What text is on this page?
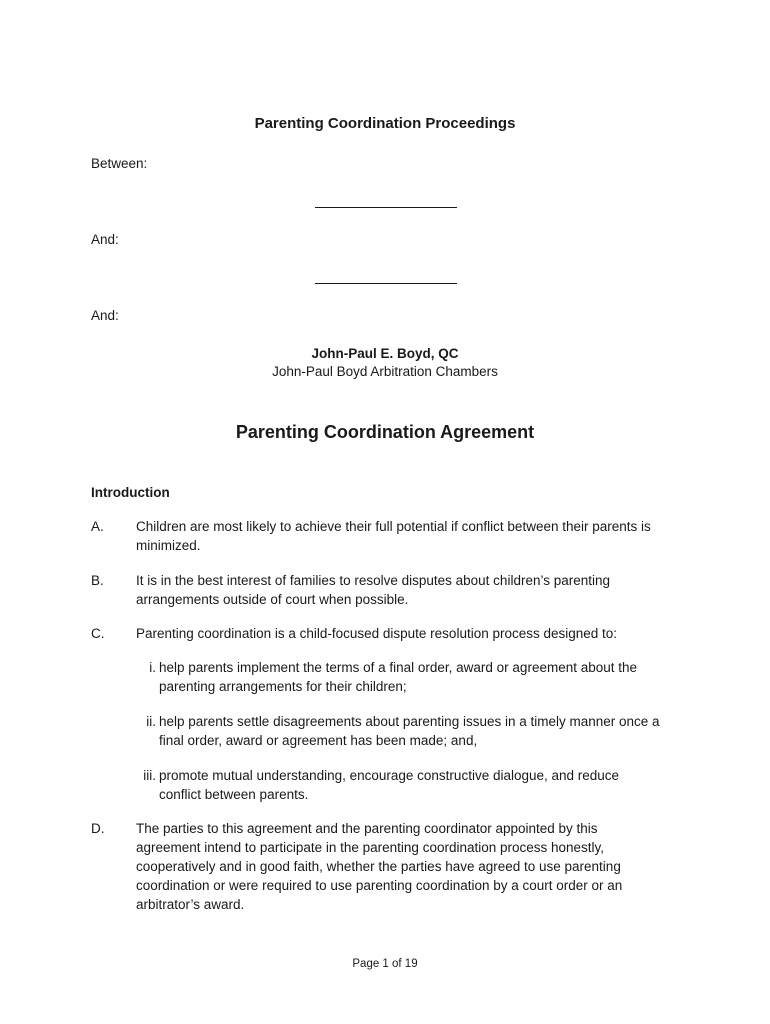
Parenting Coordination Proceedings
Between:
And:
And:
John-Paul E. Boyd, QC
John-Paul Boyd Arbitration Chambers
Parenting Coordination Agreement
Introduction
A. Children are most likely to achieve their full potential if conflict between their parents is minimized.
B. It is in the best interest of families to resolve disputes about children’s parenting arrangements outside of court when possible.
C. Parenting coordination is a child-focused dispute resolution process designed to:
i. help parents implement the terms of a final order, award or agreement about the parenting arrangements for their children;
ii. help parents settle disagreements about parenting issues in a timely manner once a final order, award or agreement has been made; and,
iii. promote mutual understanding, encourage constructive dialogue, and reduce conflict between parents.
D. The parties to this agreement and the parenting coordinator appointed by this agreement intend to participate in the parenting coordination process honestly, cooperatively and in good faith, whether the parties have agreed to use parenting coordination or were required to use parenting coordination by a court order or an arbitrator’s award.
Page 1 of 19
